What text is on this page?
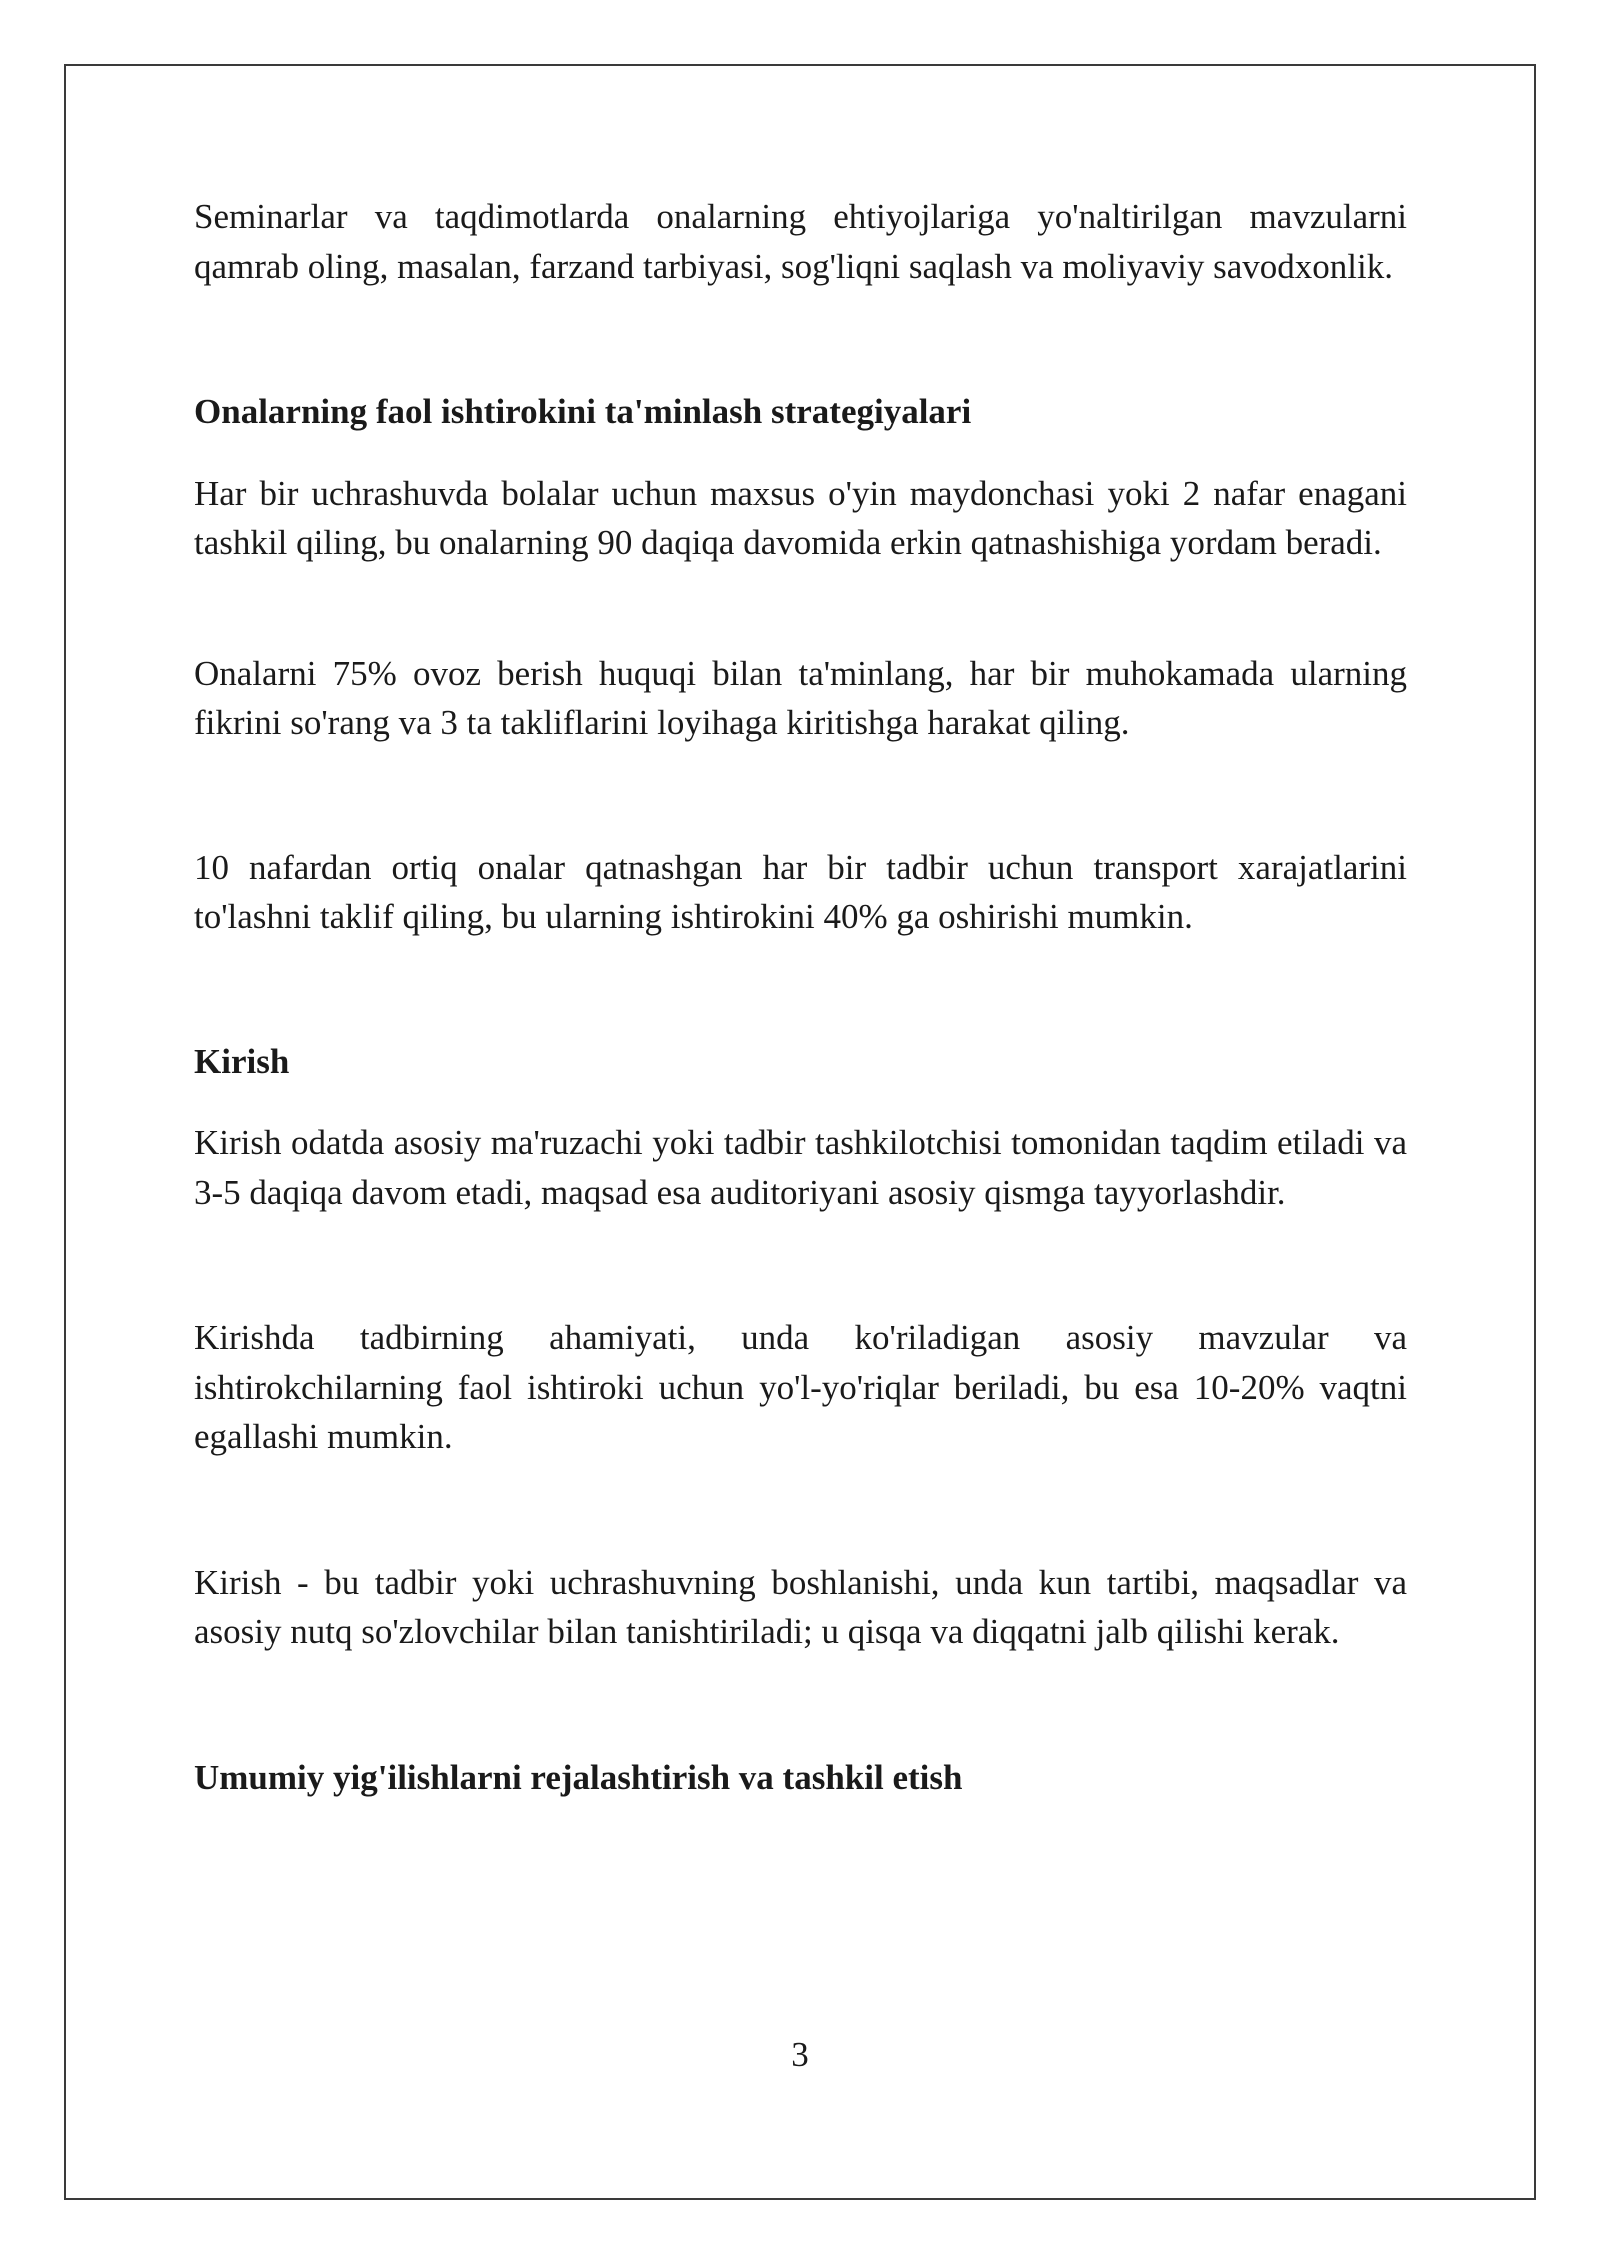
Seminarlar va taqdimotlarda onalarning ehtiyojlariga yo'naltirilgan mavzularni qamrab oling, masalan, farzand tarbiyasi, sog'liqni saqlash va moliyaviy savodxonlik.

Onalarning faol ishtirokini ta'minlash strategiyalari

Har bir uchrashuvda bolalar uchun maxsus o'yin maydonchasi yoki 2 nafar enagani tashkil qiling, bu onalarning 90 daqiqa davomida erkin qatnashishiga yordam beradi.

Onalarni 75% ovoz berish huquqi bilan ta'minlang, har bir muhokamada ularning fikrini so'rang va 3 ta takliflarini loyihaga kiritishga harakat qiling.

10 nafardan ortiq onalar qatnashgan har bir tadbir uchun transport xarajatlarini to'lashni taklif qiling, bu ularning ishtirokini 40% ga oshirishi mumkin.

Kirish

Kirish odatda asosiy ma'ruzachi yoki tadbir tashkilotchisi tomonidan taqdim etiladi va 3-5 daqiqa davom etadi, maqsad esa auditoriyani asosiy qismga tayyorlashdir.

Kirishda tadbirning ahamiyati, unda ko'riladigan asosiy mavzular va ishtirokchilarning faol ishtiroki uchun yo'l-yo'riqlar beriladi, bu esa 10-20% vaqtni egallashi mumkin.

Kirish - bu tadbir yoki uchrashuvning boshlanishi, unda kun tartibi, maqsadlar va asosiy nutq so'zlovchilar bilan tanishtiriladi; u qisqa va diqqatni jalb qilishi kerak.

Umumiy yig'ilishlarni rejalashtirish va tashkil etish

3
